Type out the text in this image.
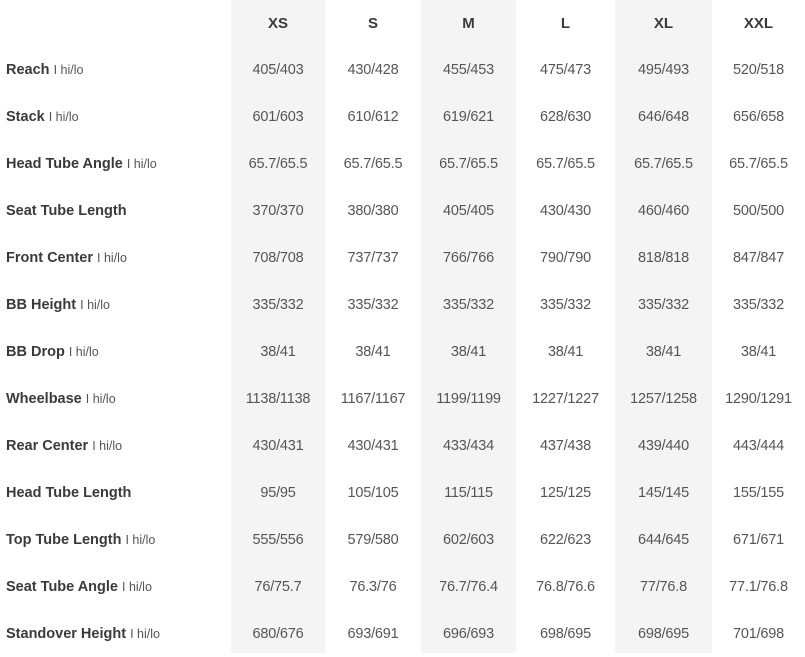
XS	S	M	L	XL	XXL
Reach I hi/lo	405/403	430/428	455/453	475/473	495/493	520/518
Stack I hi/lo	601/603	610/612	619/621	628/630	646/648	656/658
Head Tube Angle I hi/lo	65.7/65.5	65.7/65.5	65.7/65.5	65.7/65.5	65.7/65.5	65.7/65.5
Seat Tube Length	370/370	380/380	405/405	430/430	460/460	500/500
Front Center I hi/lo	708/708	737/737	766/766	790/790	818/818	847/847
BB Height I hi/lo	335/332	335/332	335/332	335/332	335/332	335/332
BB Drop I hi/lo	38/41	38/41	38/41	38/41	38/41	38/41
Wheelbase I hi/lo	1138/1138	1167/1167	1199/1199	1227/1227	1257/1258	1290/1291
Rear Center I hi/lo	430/431	430/431	433/434	437/438	439/440	443/444
Head Tube Length	95/95	105/105	115/115	125/125	145/145	155/155
Top Tube Length I hi/lo	555/556	579/580	602/603	622/623	644/645	671/671
Seat Tube Angle I hi/lo	76/75.7	76.3/76	76.7/76.4	76.8/76.6	77/76.8	77.1/76.8
Standover Height I hi/lo	680/676	693/691	696/693	698/695	698/695	701/698
